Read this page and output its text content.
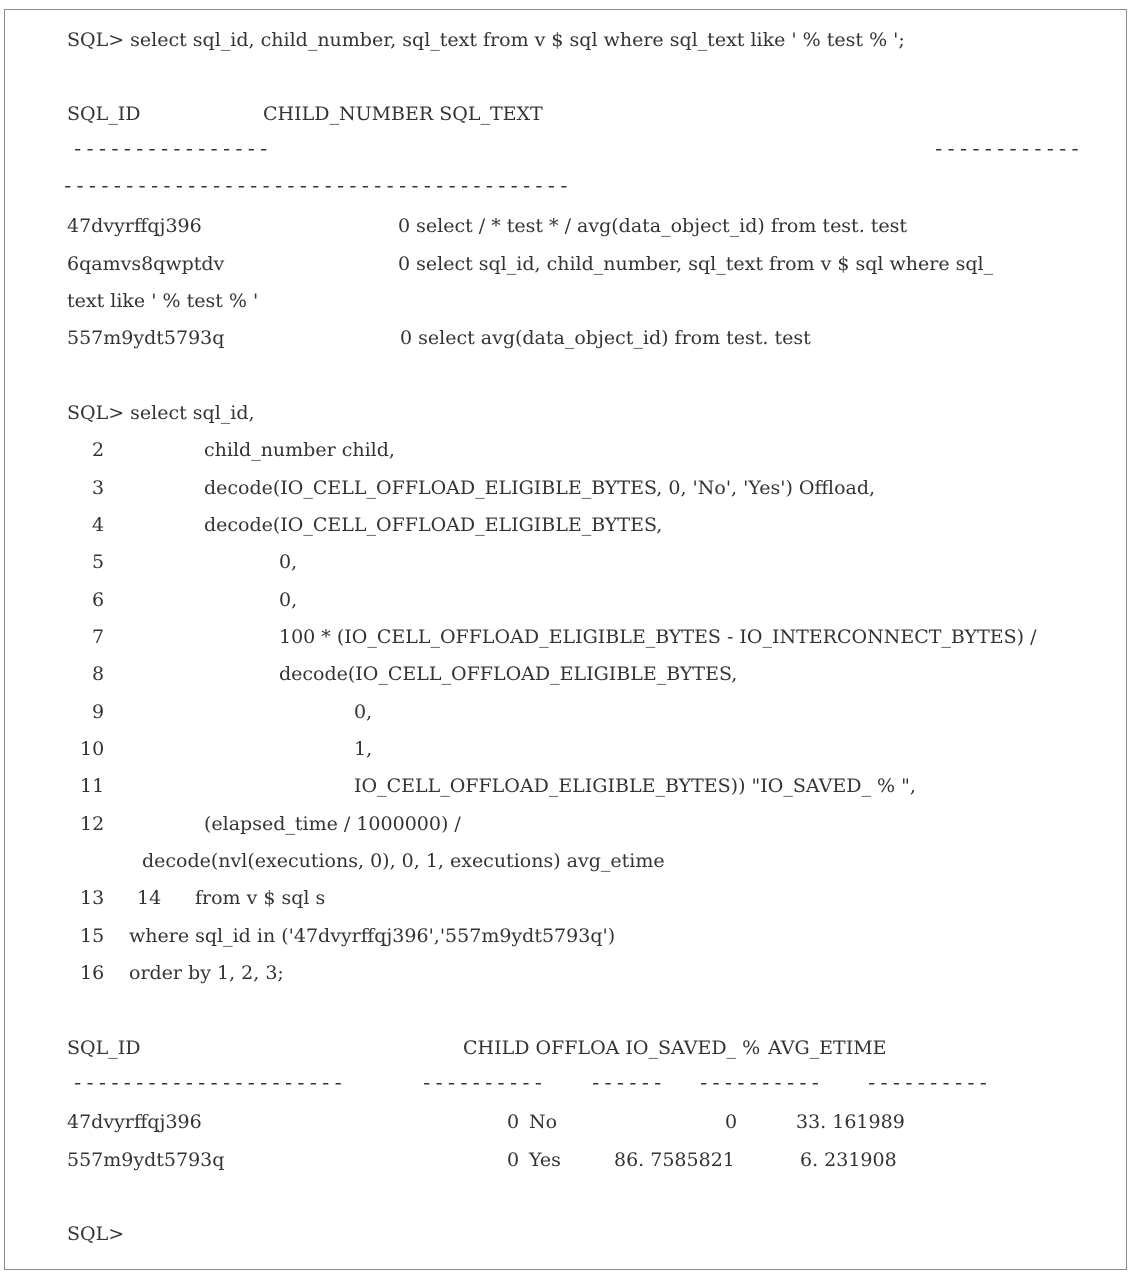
SQL> select sql_id, child_number, sql_text from v $ sql where sql_text like ' % test % ';
SQL_ID	CHILD_NUMBER SQL_TEXT
----------------	------------
-----------------------------------------
47dvyrffqj396	0 select / * test * / avg(data_object_id) from test. test
6qamvs8qwptdv	0 select sql_id, child_number, sql_text from v $ sql where sql_
text like ' % test % '
557m9ydt5793q	0 select avg(data_object_id) from test. test
SQL> select sql_id,
2	child_number child,
3	decode(IO_CELL_OFFLOAD_ELIGIBLE_BYTES, 0, 'No', 'Yes') Offload,
4	decode(IO_CELL_OFFLOAD_ELIGIBLE_BYTES,
5	0,
6	0,
7	100 * (IO_CELL_OFFLOAD_ELIGIBLE_BYTES - IO_INTERCONNECT_BYTES) /
8	decode(IO_CELL_OFFLOAD_ELIGIBLE_BYTES,
9	0,
10	1,
11	IO_CELL_OFFLOAD_ELIGIBLE_BYTES)) "IO_SAVED_ % ",
12	(elapsed_time / 1000000) /
decode(nvl(executions, 0), 0, 1, executions) avg_etime
13 14 from v $ sql s
15 where sql_id in ('47dvyrffqj396','557m9ydt5793q')
16 order by 1, 2, 3;
SQL_ID	CHILD OFFLOA IO_SAVED_ % AVG_ETIME
----------------------	---------- ------ ---------- ----------
47dvyrffqj396	0 No	0	33. 161989
557m9ydt5793q	0 Yes	86. 7585821	6. 231908
SQL>
